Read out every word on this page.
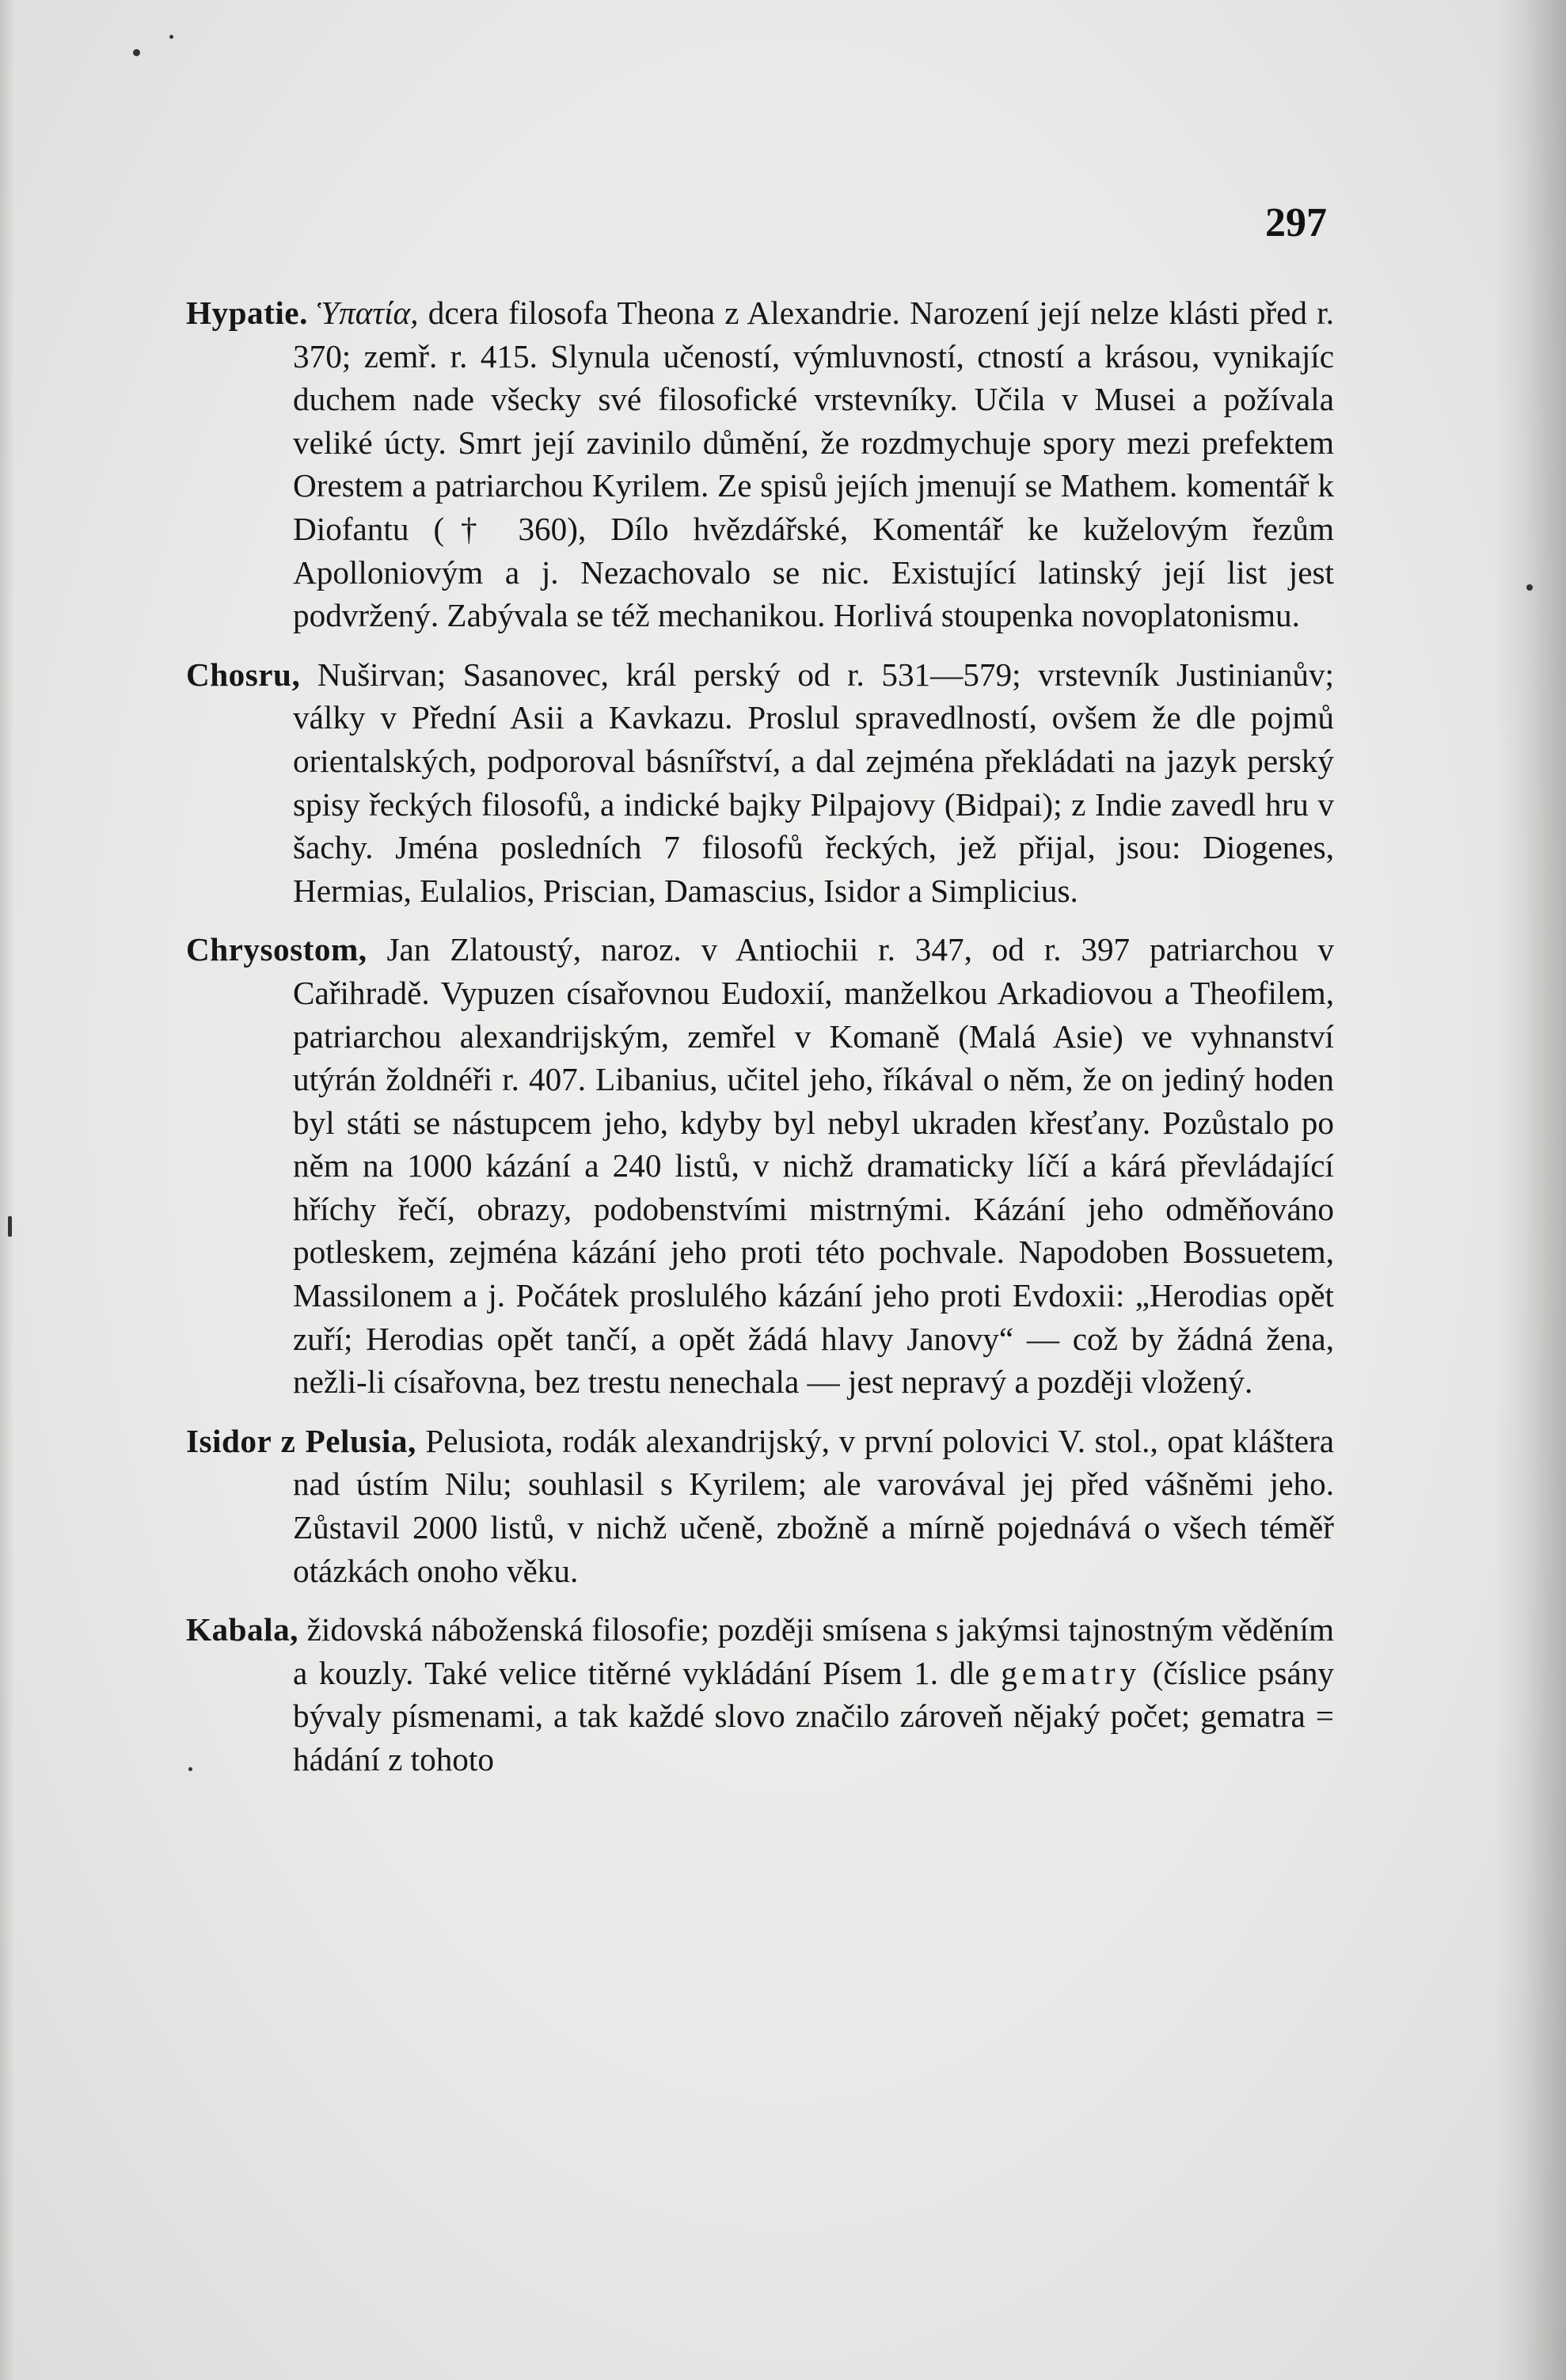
297

Hypatie. Ὑπατία, dcera filosofa Theona z Alexandrie. Narození její nelze klásti před r. 370; zemř. r. 415. Slynula učeností, výmluvností, ctností a krásou, vynikajíc duchem nade všecky své filosofické vrstevníky. Učila v Musei a požívala veliké úcty. Smrt její zavinilo důmění, že rozdmychuje spory mezi prefektem Orestem a patriarchou Kyrilem. Ze spisů jejích jmenují se Mathem. komentář k Diofantu († 360), Dílo hvězdářské, Komentář ke kuželovým řezům Apolloniovým a j. Nezachovalo se nic. Existující latinský její list jest podvržený. Zabývala se též mechanikou. Horlivá stoupenka novoplatonismu.

Chosru, Nuširvan; Sasanovec, král perský od r. 531—579; vrstevník Justinianův; války v Přední Asii a Kavkazu. Proslul spravedlností, ovšem že dle pojmů orientalských, podporoval básnířství, a dal zejména překládati na jazyk perský spisy řeckých filosofů, a indické bajky Pilpajovy (Bidpai); z Indie zavedl hru v šachy. Jména posledních 7 filosofů řeckých, jež přijal, jsou: Diogenes, Hermias, Eulalios, Priscian, Damascius, Isidor a Simplicius.

Chrysostom, Jan Zlatoustý, naroz. v Antiochii r. 347, od r. 397 patriarchou v Cařihradě. Vypuzen císařovnou Eudoxií, manželkou Arkadiovou a Theofilem, patriarchou alexandrijským, zemřel v Komaně (Malá Asie) ve vyhnanství utýrán žoldnéři r. 407. Libanius, učitel jeho, říkával o něm, že on jediný hoden byl státi se nástupcem jeho, kdyby byl nebyl ukraden křesťany. Pozůstalo po něm na 1000 kázání a 240 listů, v nichž dramaticky líčí a kárá převládající hříchy řečí, obrazy, podobenstvími mistrnými. Kázání jeho odměňováno potleskem, zejména kázání jeho proti této pochvale. Napodoben Bossuetem, Massilonem a j. Počátek proslulého kázání jeho proti Evdoxii: „Herodias opět zuří; Herodias opět tančí, a opět žádá hlavy Janovy“ — což by žádná žena, nežli-li císařovna, bez trestu nenechala — jest nepravý a později vložený.

Isidor z Pelusia, Pelusiota, rodák alexandrijský, v první polovici V. stol., opat kláštera nad ústím Nilu; souhlasil s Kyrilem; ale varovával jej před vášněmi jeho. Zůstavil 2000 listů, v nichž učeně, zbožně a mírně pojednává o všech téměř otázkách onoho věku.

Kabala, židovská náboženská filosofie; později smísena s jakýmsi tajnostným věděním a kouzly. Také velice titěrné vykládání Písem 1. dle gematry (číslice psány bývaly písmenami, a tak každé slovo značilo zároveň nějaký počet; gematra = hádání z tohoto
